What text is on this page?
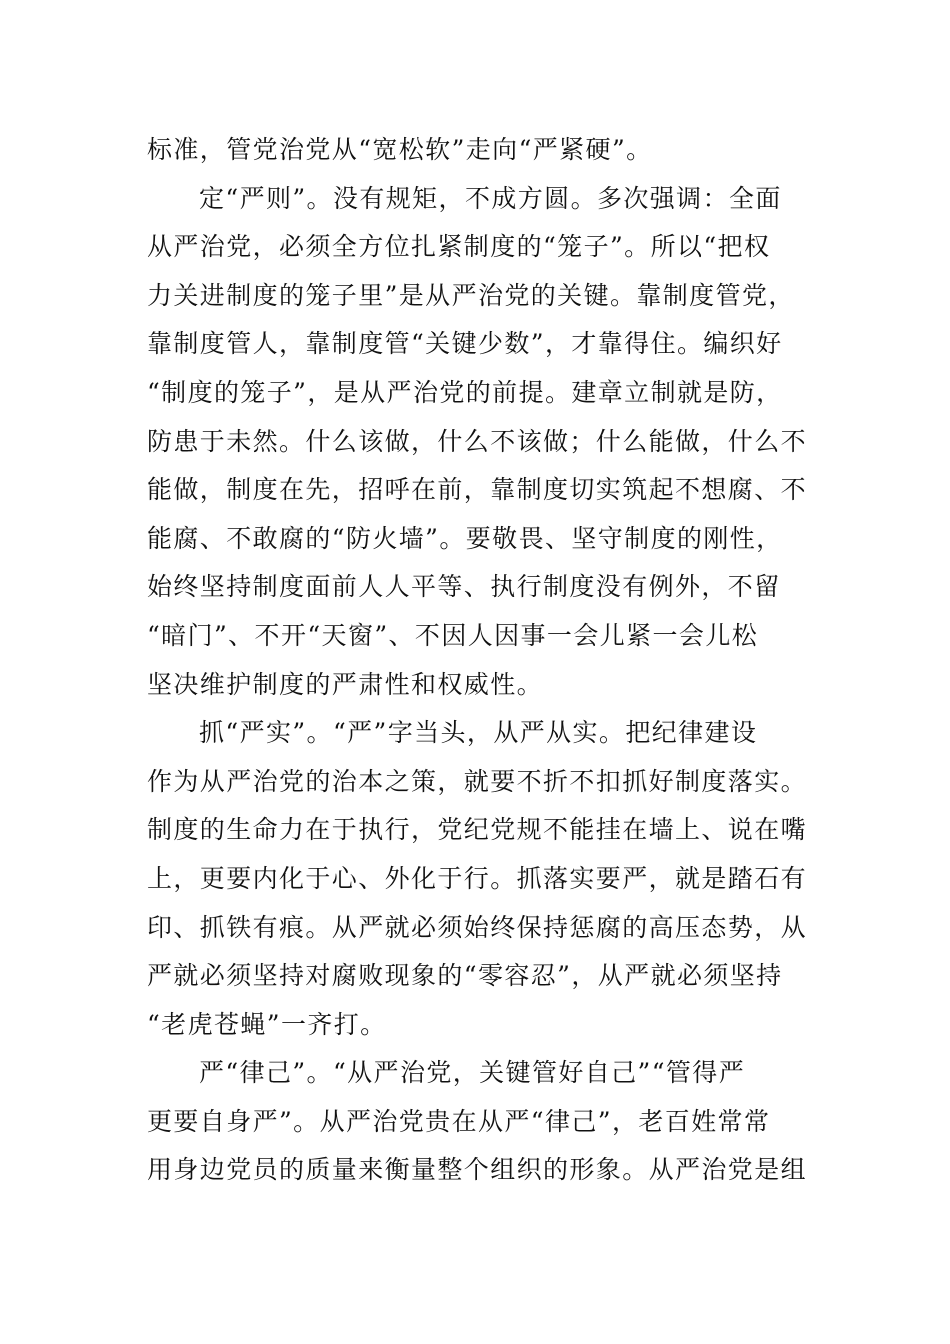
标准，管党治党从“宽松软”走向“严紧硬”。
定“严则”。没有规矩，不成方圆。多次强调：全面
从严治党，必须全方位扎紧制度的“笼子”。所以“把权
力关进制度的笼子里”是从严治党的关键。靠制度管党，
靠制度管人，靠制度管“关键少数”，才靠得住。编织好
“制度的笼子”，是从严治党的前提。建章立制就是防，
防患于未然。什么该做，什么不该做；什么能做，什么不
能做，制度在先，招呼在前，靠制度切实筑起不想腐、不
能腐、不敢腐的“防火墙”。要敬畏、坚守制度的刚性，
始终坚持制度面前人人平等、执行制度没有例外，不留
“暗门”、不开“天窗”、不因人因事一会儿紧一会儿松
坚决维护制度的严肃性和权威性。
抓“严实”。“严”字当头，从严从实。把纪律建设
作为从严治党的治本之策，就要不折不扣抓好制度落实。
制度的生命力在于执行，党纪党规不能挂在墙上、说在嘴
上，更要内化于心、外化于行。抓落实要严，就是踏石有
印、抓铁有痕。从严就必须始终保持惩腐的高压态势，从
严就必须坚持对腐败现象的“零容忍”，从严就必须坚持
“老虎苍蝇”一齐打。
严“律己”。“从严治党，关键管好自己”“管得严
更要自身严”。从严治党贵在从严“律己”，老百姓常常
用身边党员的质量来衡量整个组织的形象。从严治党是组
